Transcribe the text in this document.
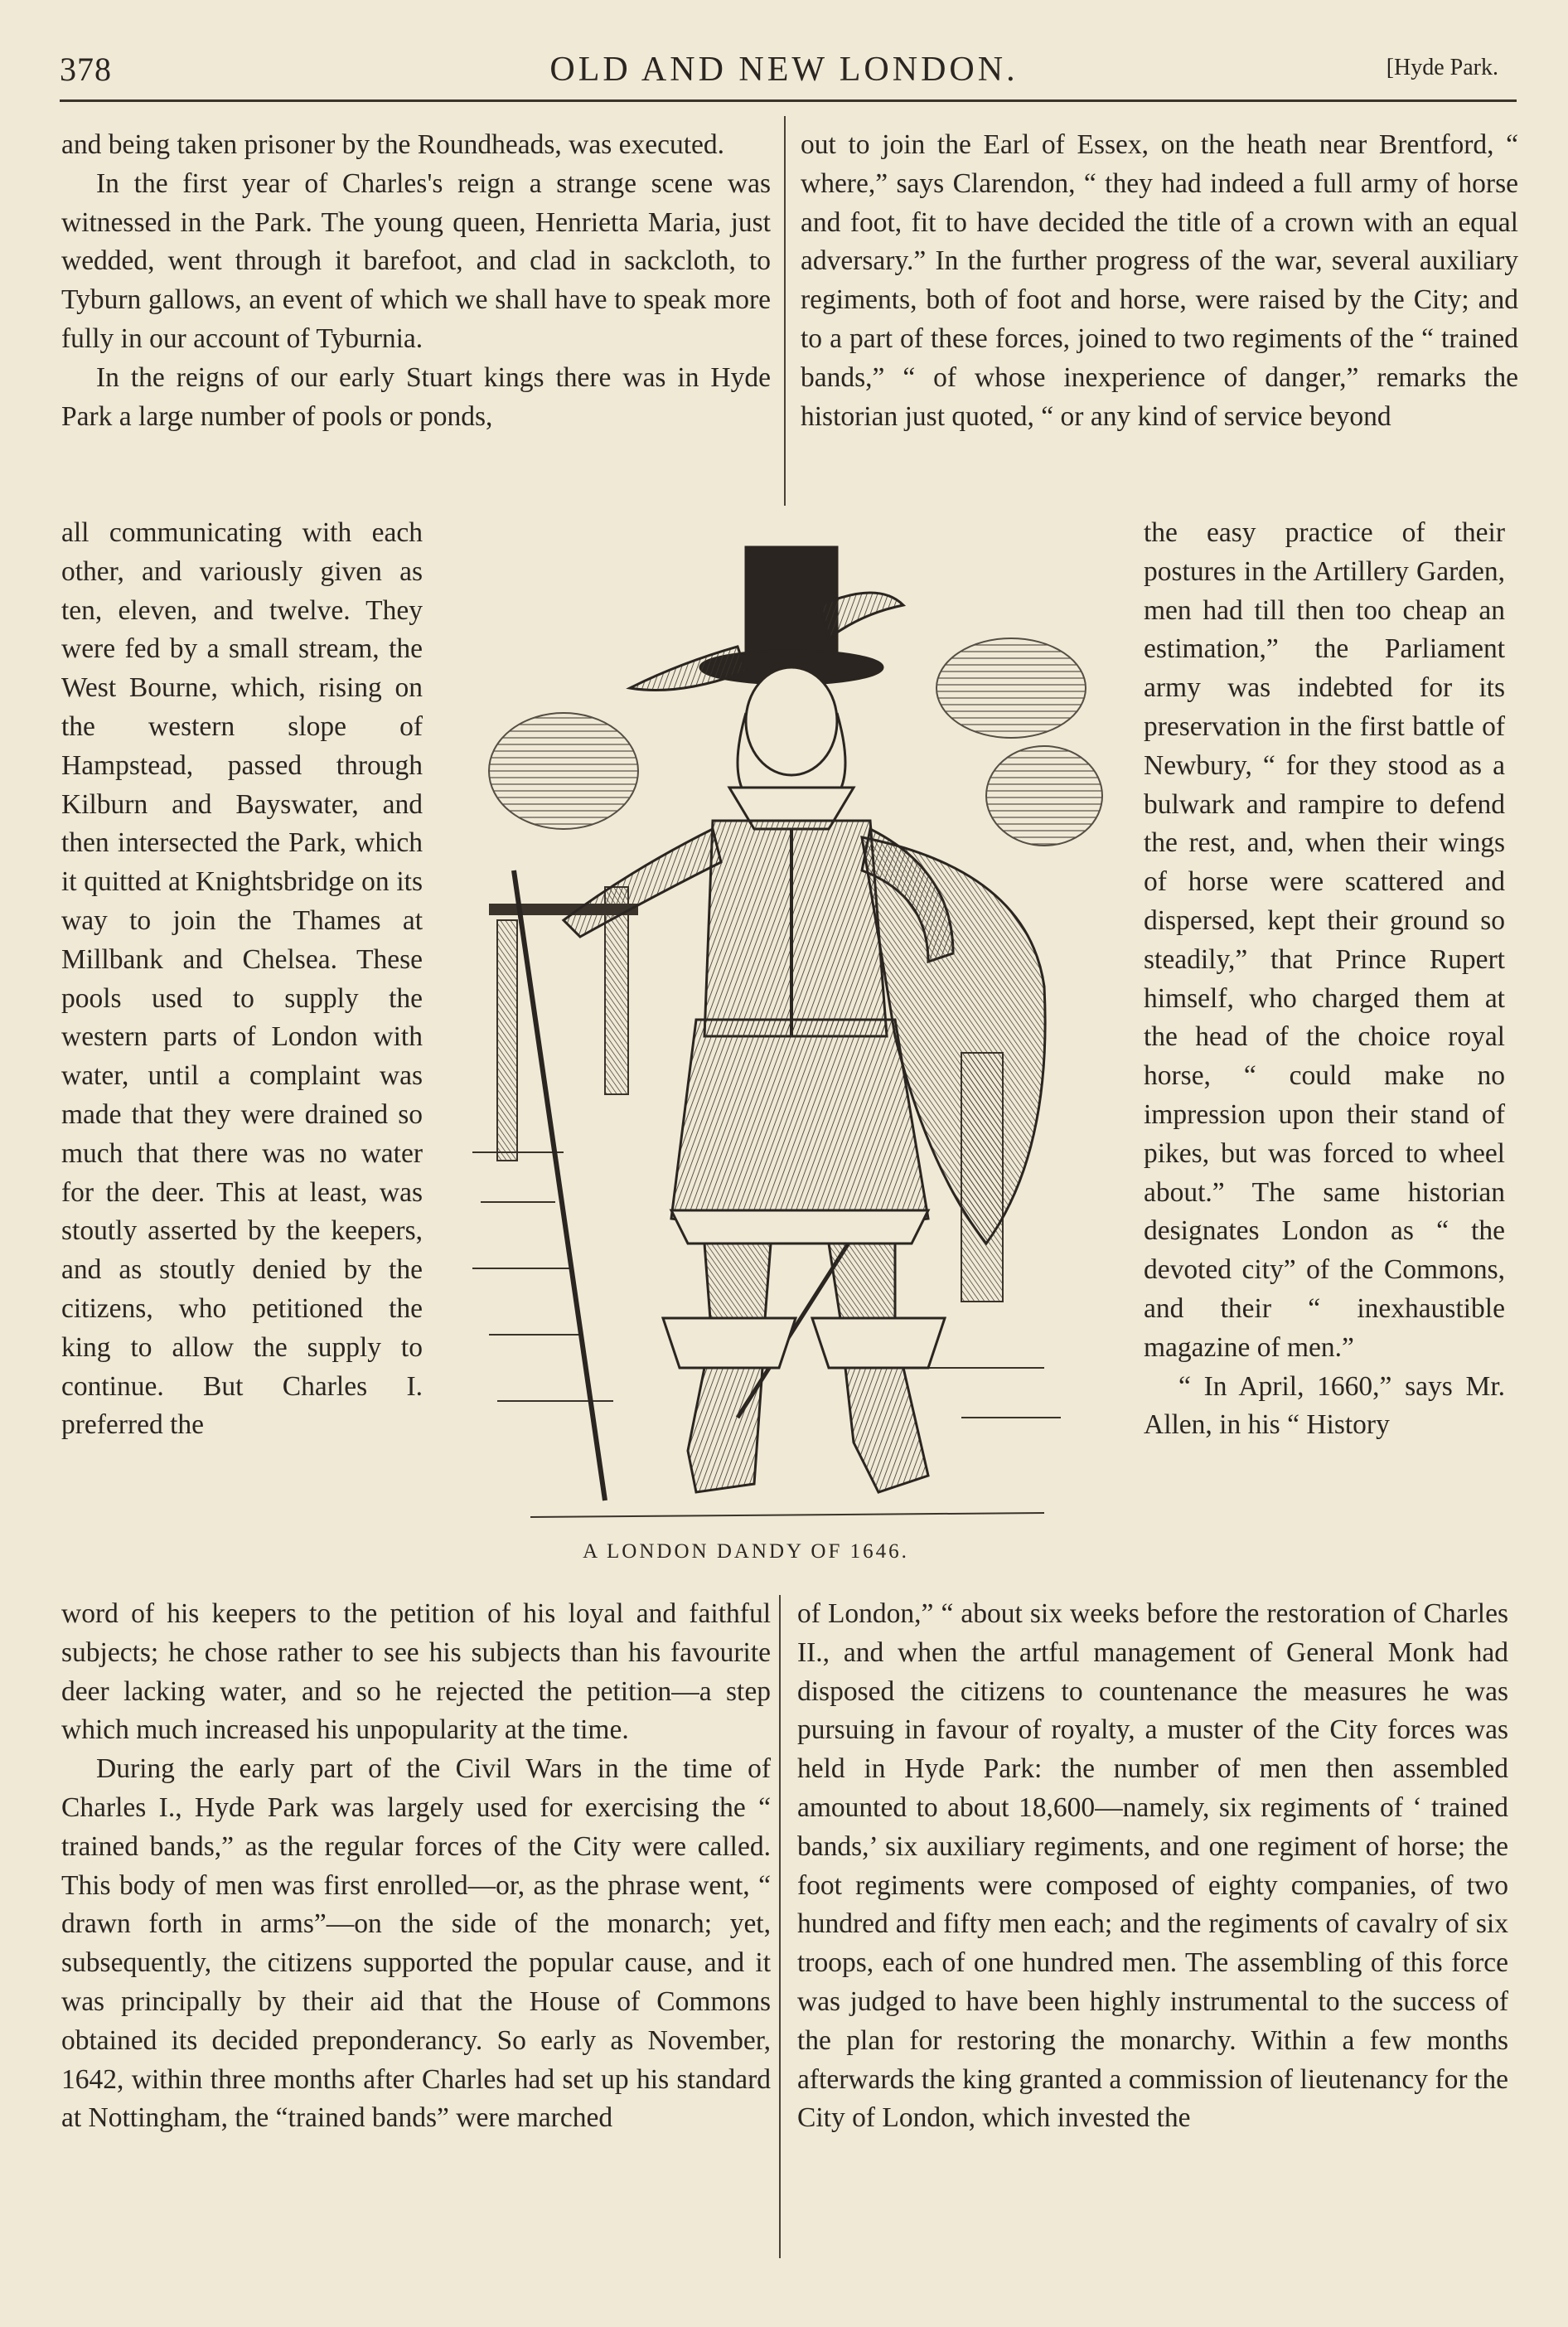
378	OLD AND NEW LONDON.	[Hyde Park.

and being taken prisoner by the Roundheads, was executed.

In the first year of Charles's reign a strange scene was witnessed in the Park. The young queen, Henrietta Maria, just wedded, went through it barefoot, and clad in sackcloth, to Tyburn gallows, an event of which we shall have to speak more fully in our account of Tyburnia.

In the reigns of our early Stuart kings there was in Hyde Park a large number of pools or ponds,

all communicating with each other, and variously given as ten, eleven, and twelve. They were fed by a small stream, the West Bourne, which, rising on the western slope of Hampstead, passed through Kilburn and Bayswater, and then intersected the Park, which it quitted at Knightsbridge on its way to join the Thames at Millbank and Chelsea. These pools used to supply the western parts of London with water, until a complaint was made that they were drained so much that there was no water for the deer. This at least, was stoutly asserted by the keepers, and as stoutly denied by the citizens, who petitioned the king to allow the supply to continue. But Charles I. preferred the

word of his keepers to the petition of his loyal and faithful subjects; he chose rather to see his subjects than his favourite deer lacking water, and so he rejected the petition—a step which much increased his unpopularity at the time.

During the early part of the Civil Wars in the time of Charles I., Hyde Park was largely used for exercising the “ trained bands,” as the regular forces of the City were called. This body of men was first enrolled—or, as the phrase went, “ drawn forth in arms”—on the side of the monarch; yet, subsequently, the citizens supported the popular cause, and it was principally by their aid that the House of Commons obtained its decided preponderancy. So early as November, 1642, within three months after Charles had set up his standard at Nottingham, the “trained bands” were marched

out to join the Earl of Essex, on the heath near Brentford, “ where,” says Clarendon, “ they had indeed a full army of horse and foot, fit to have decided the title of a crown with an equal adversary.” In the further progress of the war, several auxiliary regiments, both of foot and horse, were raised by the City; and to a part of these forces, joined to two regiments of the “ trained bands,” “ of whose inexperience of danger,” remarks the historian just quoted, “ or any kind of service beyond

the easy practice of their postures in the Artillery Garden, men had till then too cheap an estimation,” the Parliament army was indebted for its preservation in the first battle of Newbury, “ for they stood as a bulwark and rampire to defend the rest, and, when their wings of horse were scattered and dispersed, kept their ground so steadily,” that Prince Rupert himself, who charged them at the head of the choice royal horse, “ could make no impression upon their stand of pikes, but was forced to wheel about.” The same historian designates London as “ the devoted city” of the Commons, and their “ inexhaustible magazine of men.”

“ In April, 1660,” says Mr. Allen, in his “ History

of London,” “ about six weeks before the restoration of Charles II., and when the artful management of General Monk had disposed the citizens to countenance the measures he was pursuing in favour of royalty, a muster of the City forces was held in Hyde Park: the number of men then assembled amounted to about 18,600—namely, six regiments of ‘ trained bands,’ six auxiliary regiments, and one regiment of horse; the foot regiments were composed of eighty companies, of two hundred and fifty men each; and the regiments of cavalry of six troops, each of one hundred men. The assembling of this force was judged to have been highly instrumental to the success of the plan for restoring the monarchy. Within a few months afterwards the king granted a commission of lieutenancy for the City of London, which invested the

A LONDON DANDY OF 1646.
